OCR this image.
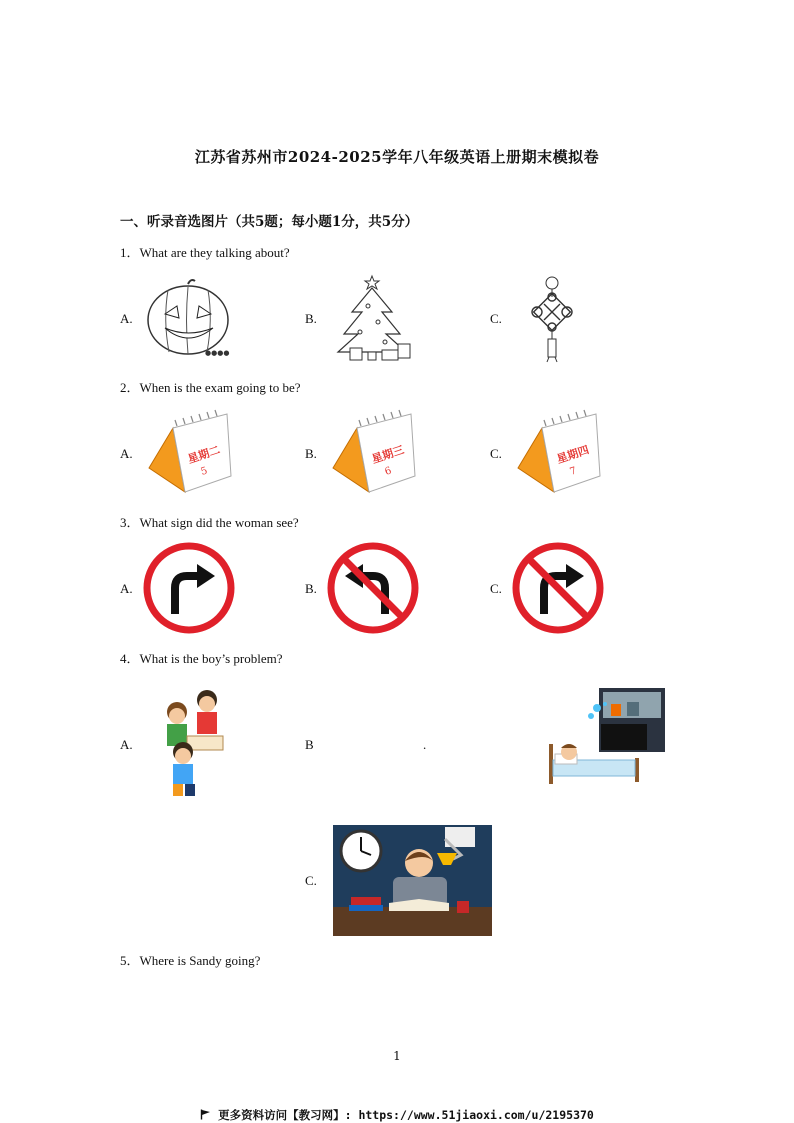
江苏省苏州市2024-2025学年八年级英语上册期末模拟卷
一、听录音选图片（共5题；每小题1分，共5分）
1．What are they talking about?
A.	B.	C.
●●●●
2．When is the exam going to be?
A.	B.	C.
星期二
5
星期三
6
星期四
7
3．What sign did the woman see?
A.	B.	C.
4．What is the boy’s problem?
A.	B	.
C.
5．Where is Sandy going?
1
更多资料访问【教习网】: https://www.51jiaoxi.com/u/2195370
